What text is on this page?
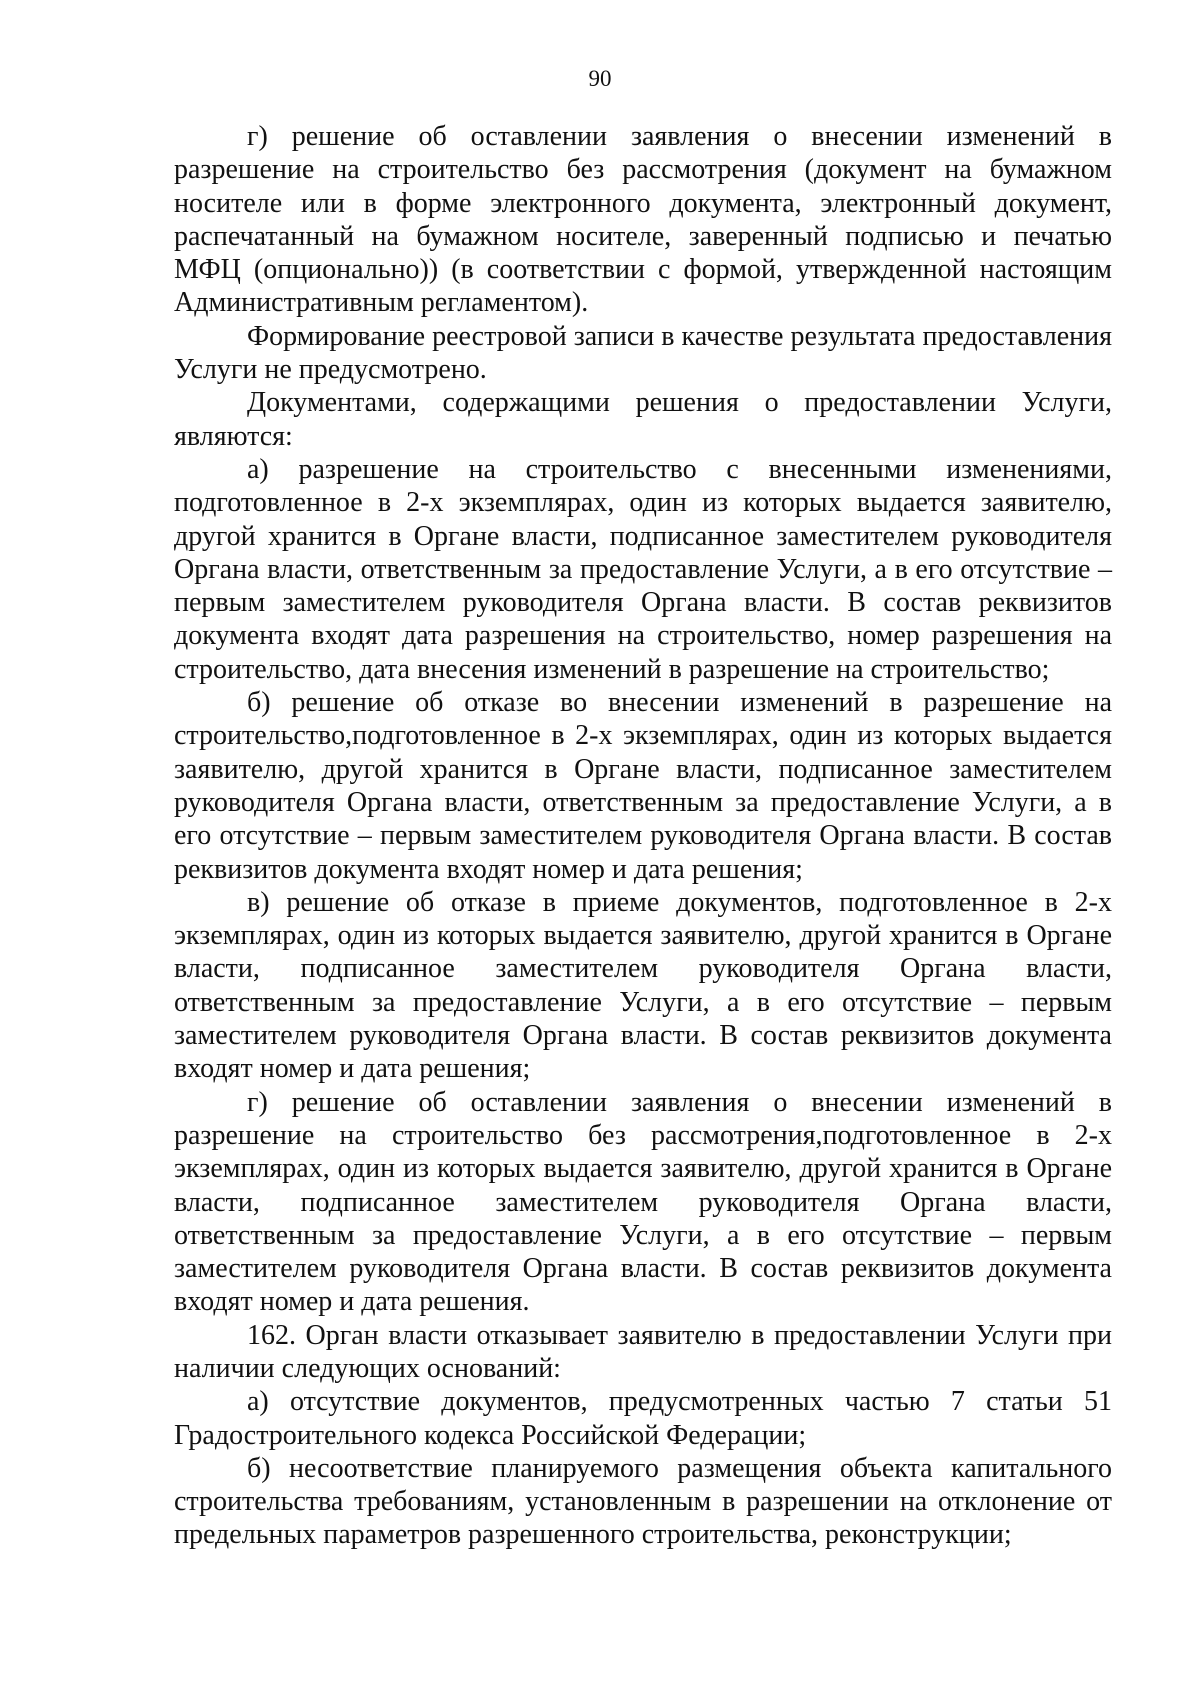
90

г) решение об оставлении заявления о внесении изменений в разрешение на строительство без рассмотрения (документ на бумажном носителе или в форме электронного документа, электронный документ, распечатанный на бумажном носителе, заверенный подписью и печатью МФЦ (опционально)) (в соответствии с формой, утвержденной настоящим Административным регламентом).

Формирование реестровой записи в качестве результата предоставления Услуги не предусмотрено.

Документами, содержащими решения о предоставлении Услуги, являются:

а) разрешение на строительство с внесенными изменениями, подготовленное в 2-х экземплярах, один из которых выдается заявителю, другой хранится в Органе власти, подписанное заместителем руководителя Органа власти, ответственным за предоставление Услуги, а в его отсутствие – первым заместителем руководителя Органа власти. В состав реквизитов документа входят дата разрешения на строительство, номер разрешения на строительство, дата внесения изменений в разрешение на строительство;

б) решение об отказе во внесении изменений в разрешение на строительство,подготовленное в 2-х экземплярах, один из которых выдается заявителю, другой хранится в Органе власти, подписанное заместителем руководителя Органа власти, ответственным за предоставление Услуги, а в его отсутствие – первым заместителем руководителя Органа власти. В состав реквизитов документа входят номер и дата решения;

в) решение об отказе в приеме документов, подготовленное в 2-х экземплярах, один из которых выдается заявителю, другой хранится в Органе власти, подписанное заместителем руководителя Органа власти, ответственным за предоставление Услуги, а в его отсутствие – первым заместителем руководителя Органа власти. В состав реквизитов документа входят номер и дата решения;

г) решение об оставлении заявления о внесении изменений в разрешение на строительство без рассмотрения,подготовленное в 2-х экземплярах, один из которых выдается заявителю, другой хранится в Органе власти, подписанное заместителем руководителя Органа власти, ответственным за предоставление Услуги, а в его отсутствие – первым заместителем руководителя Органа власти. В состав реквизитов документа входят номер и дата решения.

162. Орган власти отказывает заявителю в предоставлении Услуги при наличии следующих оснований:

а) отсутствие документов, предусмотренных частью 7 статьи 51 Градостроительного кодекса Российской Федерации;

б) несоответствие планируемого размещения объекта капитального строительства требованиям, установленным в разрешении на отклонение от предельных параметров разрешенного строительства, реконструкции;
